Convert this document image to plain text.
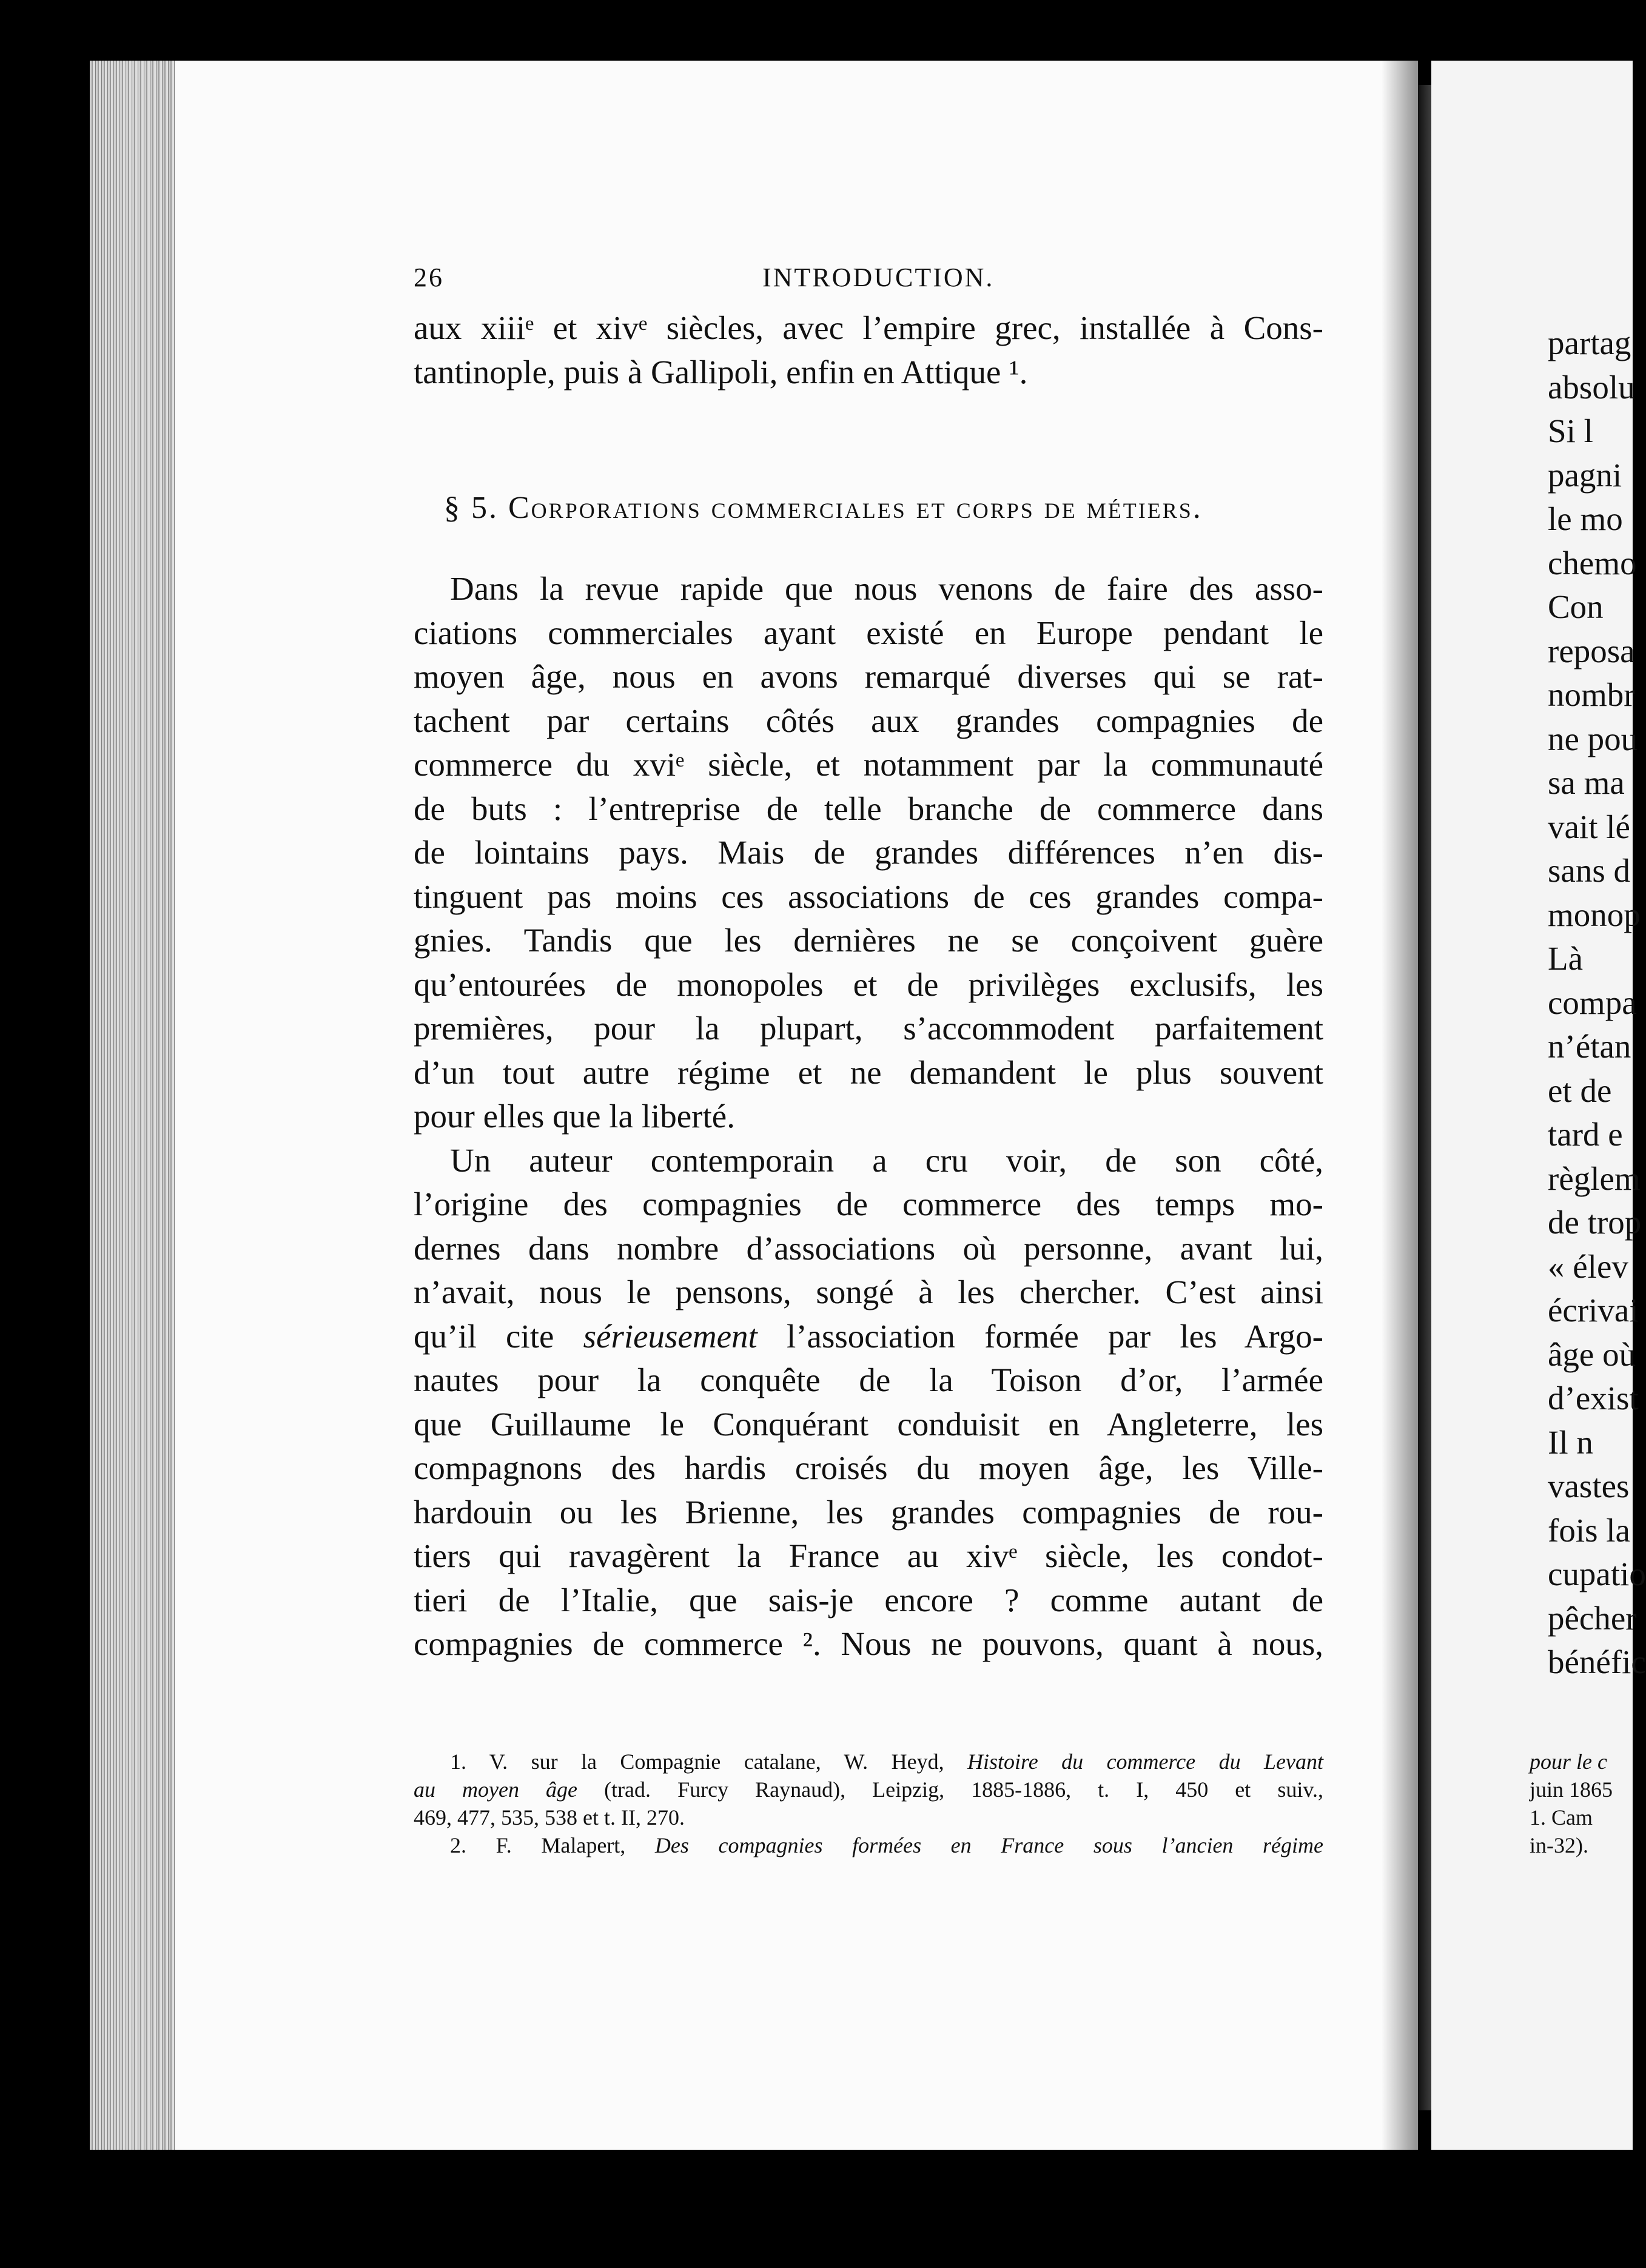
26	INTRODUCTION.
aux xiiiᵉ et xivᵉ siècles, avec l’empire grec, installée à Cons-
tantinople, puis à Gallipoli, enfin en Attique ¹.
§ 5. Corporations commerciales et corps de métiers.
Dans la revue rapide que nous venons de faire des asso-
ciations commerciales ayant existé en Europe pendant le
moyen âge, nous en avons remarqué diverses qui se rat-
tachent par certains côtés aux grandes compagnies de
commerce du xviᵉ siècle, et notamment par la communauté
de buts : l’entreprise de telle branche de commerce dans
de lointains pays. Mais de grandes différences n’en dis-
tinguent pas moins ces associations de ces grandes compa-
gnies. Tandis que les dernières ne se conçoivent guère
qu’entourées de monopoles et de privilèges exclusifs, les
premières, pour la plupart, s’accommodent parfaitement
d’un tout autre régime et ne demandent le plus souvent
pour elles que la liberté.
Un auteur contemporain a cru voir, de son côté,
l’origine des compagnies de commerce des temps mo-
dernes dans nombre d’associations où personne, avant lui,
n’avait, nous le pensons, songé à les chercher. C’est ainsi
qu’il cite sérieusement l’association formée par les Argo-
nautes pour la conquête de la Toison d’or, l’armée
que Guillaume le Conquérant conduisit en Angleterre, les
compagnons des hardis croisés du moyen âge, les Ville-
hardouin ou les Brienne, les grandes compagnies de rou-
tiers qui ravagèrent la France au xivᵉ siècle, les condot-
tieri de l’Italie, que sais-je encore ? comme autant de
compagnies de commerce ². Nous ne pouvons, quant à nous,
1. V. sur la Compagnie catalane, W. Heyd, Histoire du commerce du Levant
au moyen âge (trad. Furcy Raynaud), Leipzig, 1885-1886, t. I, 450 et suiv.,
469, 477, 535, 538 et t. II, 270.
2. F. Malapert, Des compagnies formées en France sous l’ancien régime
partag
absolu
Si l
pagni
le mo
chemo
Con
reposa
nombr
ne pou
sa ma
vait lé
sans d
monop
Là
compa
n’étan
et de
tard e
règlem
de trop
« élev
écrivai
âge où
d’exist
Il n
vastes
fois la
cupatio
pêcher
bénéfic
pour le c
juin 1865
1. Cam
in-32).
